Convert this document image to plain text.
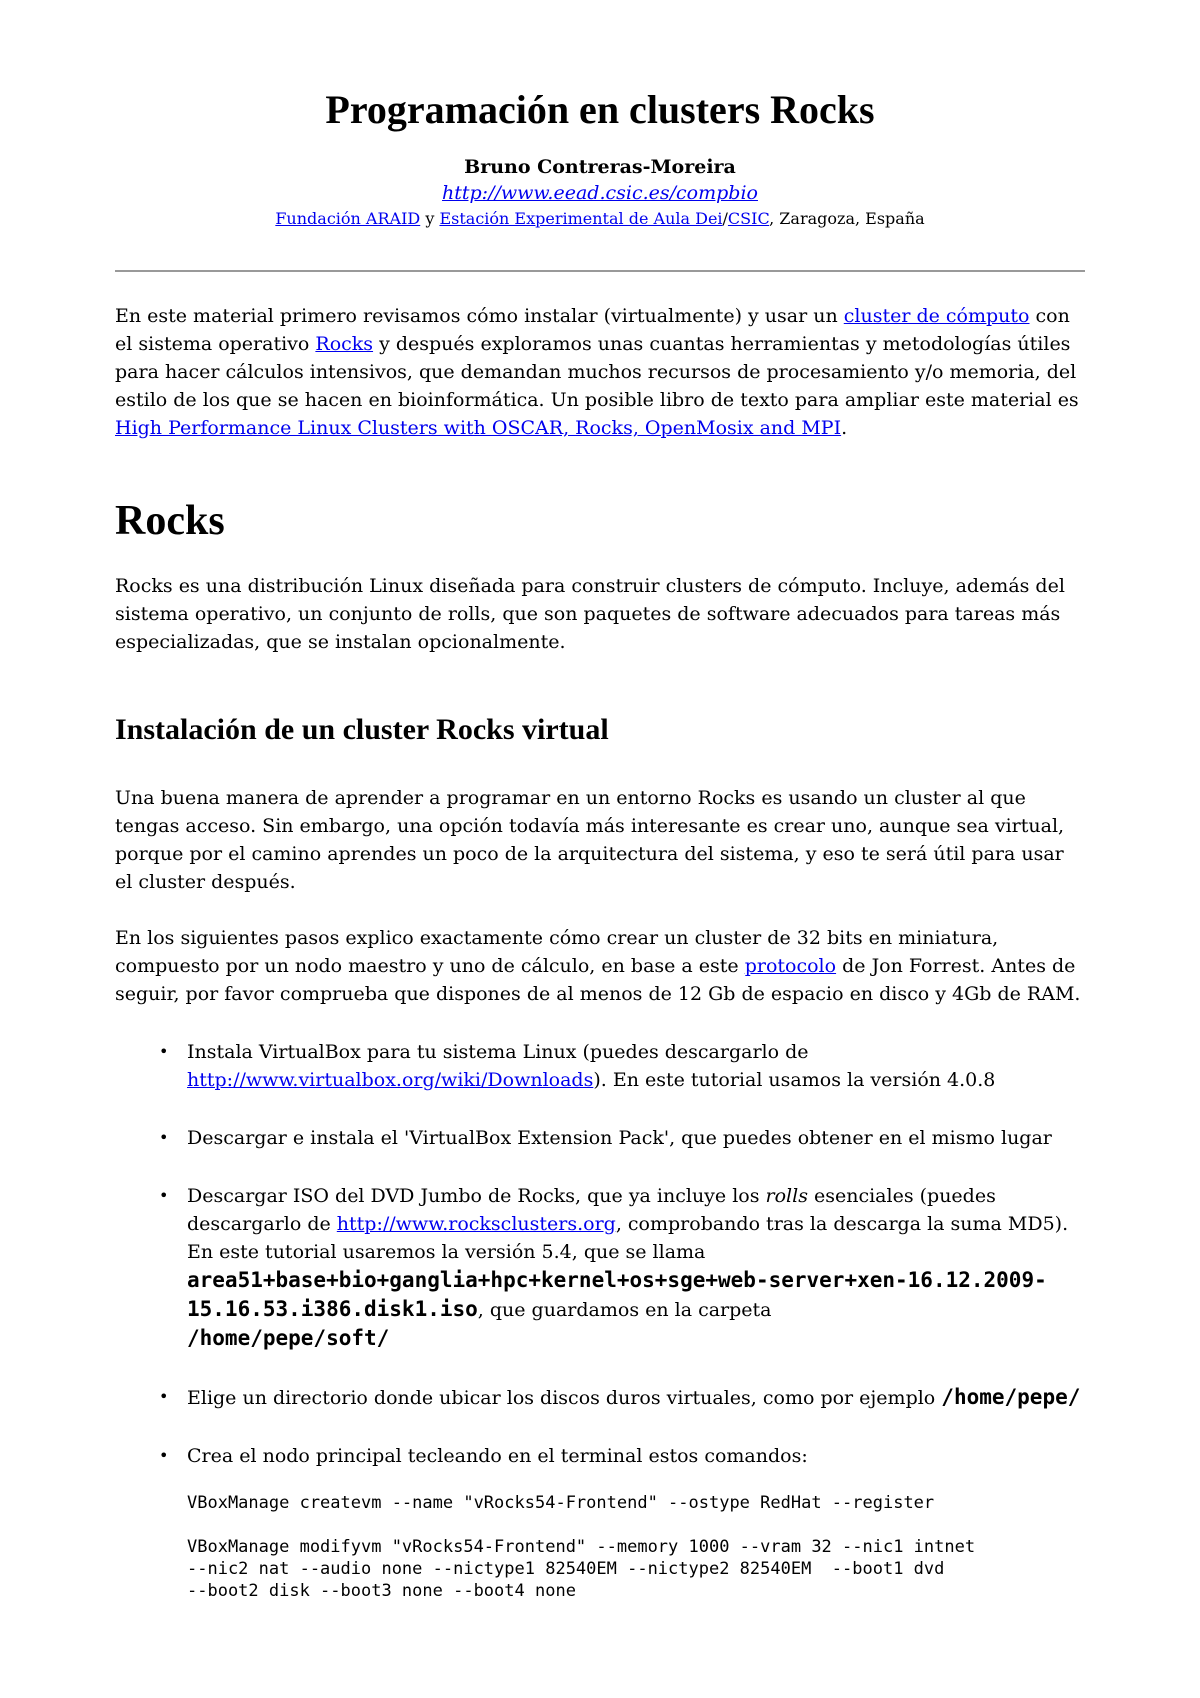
Programación en clusters Rocks
Bruno Contreras-Moreira
http://www.eead.csic.es/compbio
Fundación ARAID y Estación Experimental de Aula Dei/CSIC, Zaragoza, España

En este material primero revisamos cómo instalar (virtualmente) y usar un cluster de cómputo con el sistema operativo Rocks y después exploramos unas cuantas herramientas y metodologías útiles para hacer cálculos intensivos, que demandan muchos recursos de procesamiento y/o memoria, del estilo de los que se hacen en bioinformática. Un posible libro de texto para ampliar este material es High Performance Linux Clusters with OSCAR, Rocks, OpenMosix and MPI.

Rocks

Rocks es una distribución Linux diseñada para construir clusters de cómputo. Incluye, además del sistema operativo, un conjunto de rolls, que son paquetes de software adecuados para tareas más especializadas, que se instalan opcionalmente.

Instalación de un cluster Rocks virtual

Una buena manera de aprender a programar en un entorno Rocks es usando un cluster al que tengas acceso. Sin embargo, una opción todavía más interesante es crear uno, aunque sea virtual, porque por el camino aprendes un poco de la arquitectura del sistema, y eso te será útil para usar el cluster después.

En los siguientes pasos explico exactamente cómo crear un cluster de 32 bits en miniatura, compuesto por un nodo maestro y uno de cálculo, en base a este protocolo de Jon Forrest. Antes de seguir, por favor comprueba que dispones de al menos de 12 Gb de espacio en disco y 4Gb de RAM.

• Instala VirtualBox para tu sistema Linux (puedes descargarlo de http://www.virtualbox.org/wiki/Downloads). En este tutorial usamos la versión 4.0.8
• Descargar e instala el 'VirtualBox Extension Pack', que puedes obtener en el mismo lugar
• Descargar ISO del DVD Jumbo de Rocks, que ya incluye los rolls esenciales (puedes descargarlo de http://www.rocksclusters.org, comprobando tras la descarga la suma MD5). En este tutorial usaremos la versión 5.4, que se llama
area51+base+bio+ganglia+hpc+kernel+os+sge+web-server+xen-16.12.2009-15.16.53.i386.disk1.iso, que guardamos en la carpeta
/home/pepe/soft/
• Elige un directorio donde ubicar los discos duros virtuales, como por ejemplo /home/pepe/
• Crea el nodo principal tecleando en el terminal estos comandos:
VBoxManage createvm --name "vRocks54-Frontend" --ostype RedHat --register
VBoxManage modifyvm "vRocks54-Frontend" --memory 1000 --vram 32 --nic1 intnet
--nic2 nat --audio none --nictype1 82540EM --nictype2 82540EM  --boot1 dvd
--boot2 disk --boot3 none --boot4 none
